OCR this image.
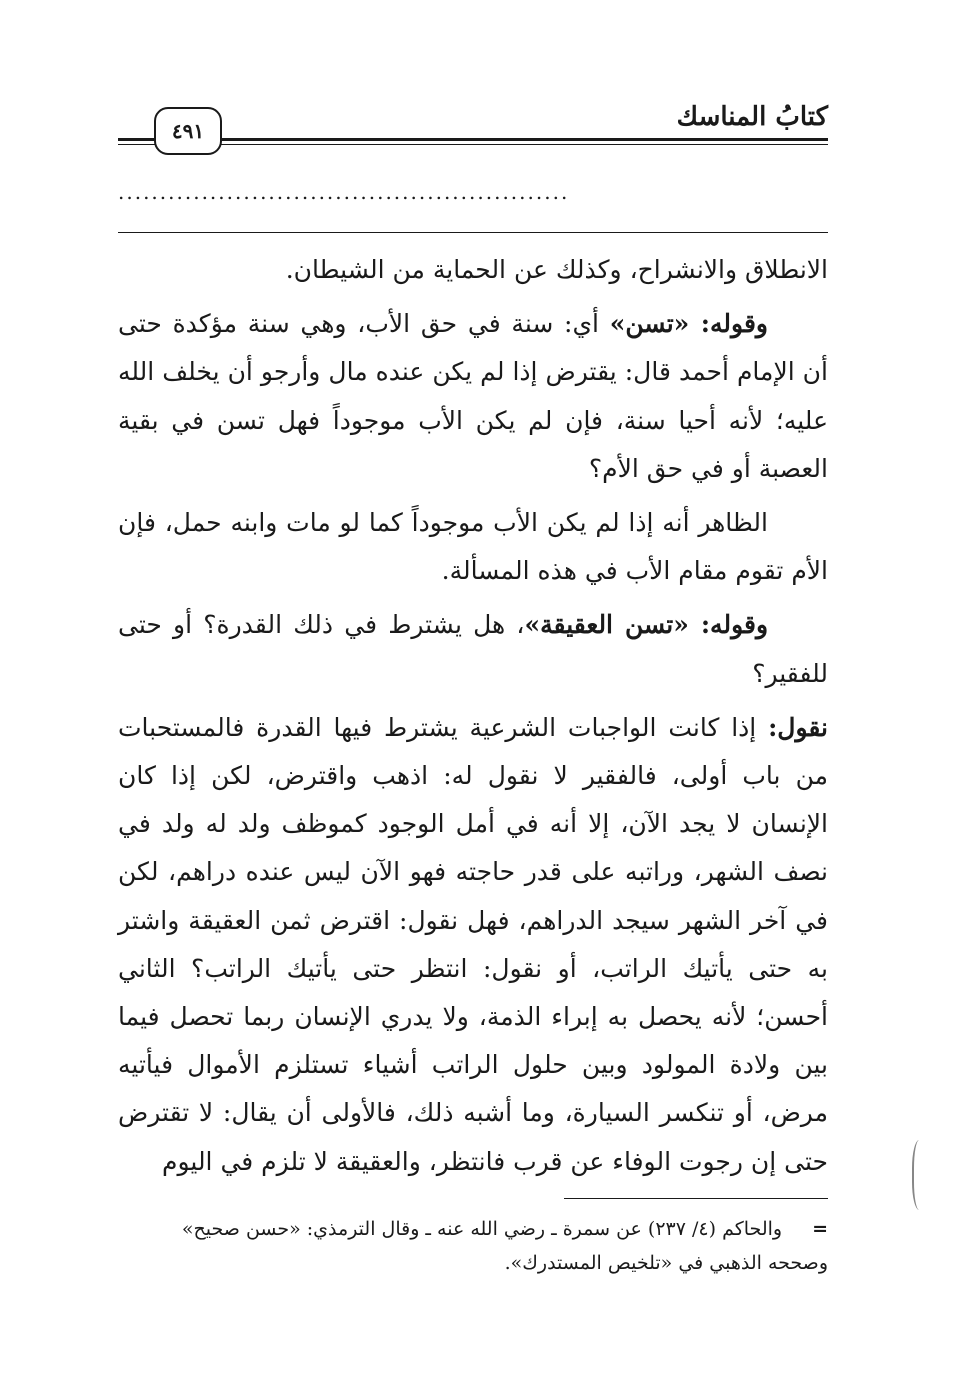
كتابُ المناسك
٤٩١
......................................................

الانطلاق والانشراح، وكذلك عن الحماية من الشيطان.

وقوله: «تسن» أي: سنة في حق الأب، وهي سنة مؤكدة حتى أن الإمام أحمد قال: يقترض إذا لم يكن عنده مال وأرجو أن يخلف الله عليه؛ لأنه أحيا سنة، فإن لم يكن الأب موجوداً فهل تسن في بقية العصبة أو في حق الأم؟

الظاهر أنه إذا لم يكن الأب موجوداً كما لو مات وابنه حمل، فإن الأم تقوم مقام الأب في هذه المسألة.

وقوله: «تسن العقيقة»، هل يشترط في ذلك القدرة؟ أو حتى للفقير؟

نقول: إذا كانت الواجبات الشرعية يشترط فيها القدرة فالمستحبات من باب أولى، فالفقير لا نقول له: اذهب واقترض، لكن إذا كان الإنسان لا يجد الآن، إلا أنه في أمل الوجود كموظف ولد له ولد في نصف الشهر، وراتبه على قدر حاجته فهو الآن ليس عنده دراهم، لكن في آخر الشهر سيجد الدراهم، فهل نقول: اقترض ثمن العقيقة واشتر به حتى يأتيك الراتب، أو نقول: انتظر حتى يأتيك الراتب؟ الثاني أحسن؛ لأنه يحصل به إبراء الذمة، ولا يدري الإنسان ربما تحصل فيما بين ولادة المولود وبين حلول الراتب أشياء تستلزم الأموال فيأتيه مرض، أو تنكسر السيارة، وما أشبه ذلك، فالأولى أن يقال: لا تقترض حتى إن رجوت الوفاء عن قرب فانتظر، والعقيقة لا تلزم في اليوم

=والحاكم (٤/ ٢٣٧) عن سمرة ـ رضي الله عنه ـ وقال الترمذي: «حسن صحيح»

وصححه الذهبي في «تلخيص المستدرك».
